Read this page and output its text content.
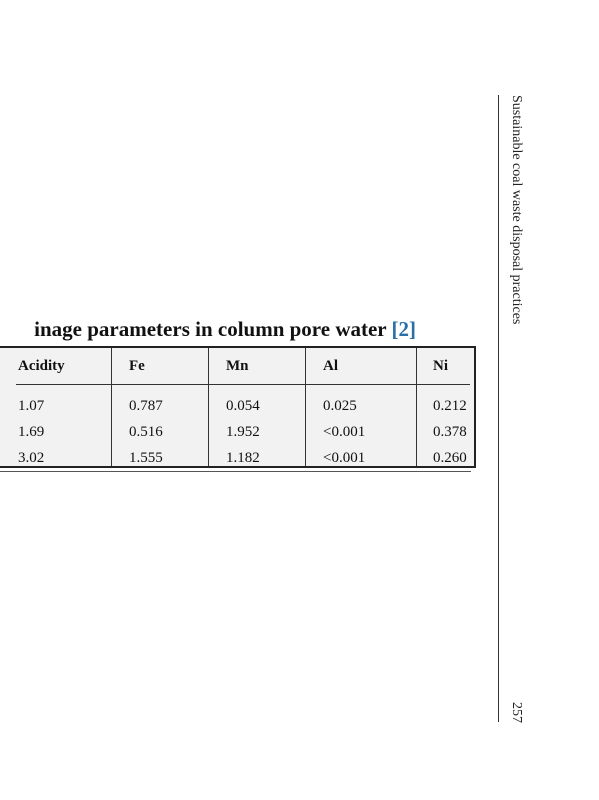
inage parameters in column pore water [2]
Acidity	Fe	Mn	Al	Ni
1.07	0.787	0.054	0.025	0.212
1.69	0.516	1.952	<0.001	0.378
3.02	1.555	1.182	<0.001	0.260
Sustainable coal waste disposal practices
257
